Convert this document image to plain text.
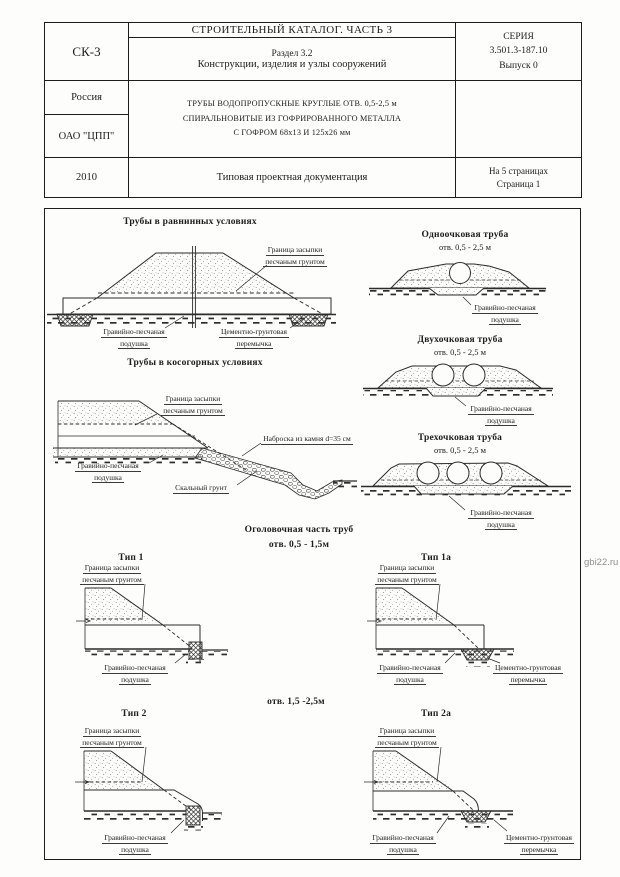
СК-3	СТРОИТЕЛЬНЫЙ КАТАЛОГ. ЧАСТЬ 3	СЕРИЯ
3.501.3-187.10
Выпуск 0

	Раздел 3.2
Конструкции, изделия и узлы сооружений	

Россия	ТРУБЫ ВОДОПРОПУСКНЫЕ КРУГЛЫЕ ОТВ. 0,5-2,5 м
СПИРАЛЬНОВИТЫЕ ИЗ ГОФРИРОВАННОГО МЕТАЛЛА
С ГОФРОМ 68х13 И 125х26 мм	

ОАО "ЦПП"		
2010	Типовая проектная документация	На 5 страницах
Страница 1
Трубы в равнинных условиях
Трубы в косогорных условиях
Одноочковая труба
отв. 0,5 - 2,5 м
Двухочковая труба
отв. 0,5 - 2,5 м
Трехочковая труба
отв. 0,5 - 2,5 м
Оголовочная часть труб
отв. 0,5 - 1,5м
отв. 1,5 -2,5м
Тип 1	Тип 1а
Тип 2	Тип 2а
Граница засыпки
песчаным грунтом
Гравийно-песчаная
подушка
Цементно-грунтовая
перемычка
Гравийно-песчаная
подушка
Гравийно-песчаная
подушка
Гравийно-песчаная
подушка
Граница засыпки
песчаным грунтом
Наброска из камня d=35 см
Гравийно-песчаная
подушка
Скальный грунт
Граница засыпки
песчаным грунтом
Гравийно-песчаная
подушка
Граница засыпки
песчаным грунтом
Гравийно-песчаная
подушка
Цементно-грунтовая
перемычка
Граница засыпки
песчаным грунтом
Гравийно-песчаная
подушка
Граница засыпки
песчаным грунтом
Гравийно-песчаная
подушка
Цементно-грунтовая
перемычка
gbi22.ru
